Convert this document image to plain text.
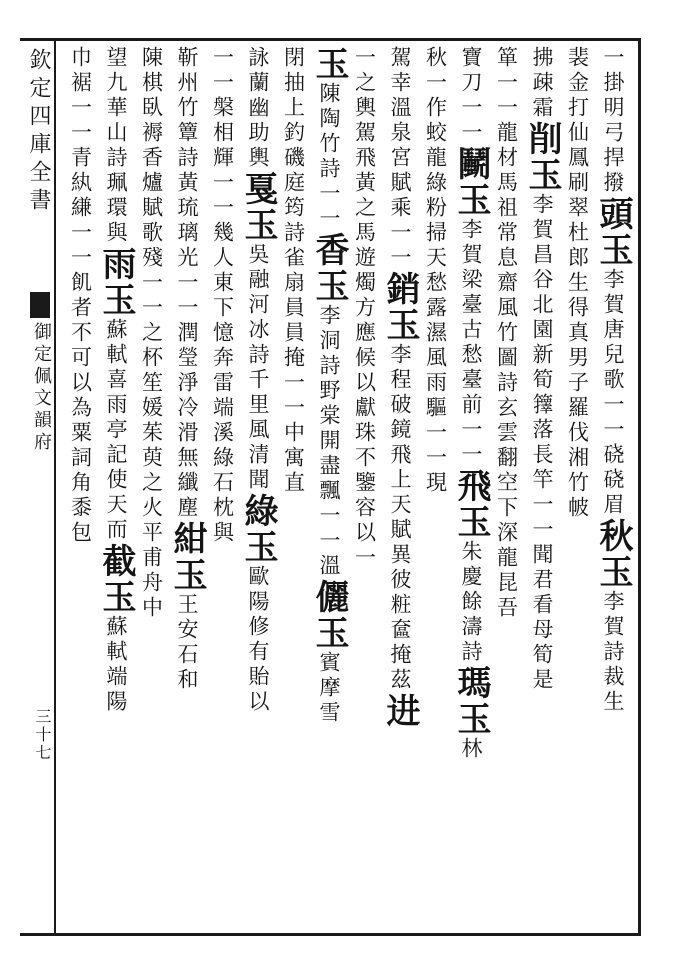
欽定四庫全書
御定佩文韻府
三十七
一掛明弓捍撥頭玉李賀唐兒歌一一硗硗眉秋玉李賀詩裁生
裴金打仙鳳刷翠杜郎生得真男子羅伐湘竹帔
拂疎霜削玉李賀昌谷北園新筍籜落長竿一一聞君看母筍是
箪一一龍材馬祖常息齋風竹圖詩玄雲翻空下深龍昆吾
寶刀一一鬭玉李賀梁臺古愁臺前一一飛玉朱慶餘濤詩瑪玉林
秋一作蛟龍綠粉掃天愁露濕風雨驅一一現
駕幸溫泉宮賦乘一一銷玉李程破鏡飛上天賦異彼粧奩掩茲进
一之輿駕飛黃之馬遊燭方應候以獻珠不鑒容以一
玉陳陶竹詩一一香玉李洞詩野棠開盡飄一一溫儷玉賓摩雪
閉抽上釣磯庭筠詩雀扇員員掩一一中寓直
詠蘭幽助輿戛玉吳融河冰詩千里風清聞綠玉歐陽修有貽以
一一槃相輝一一幾人東下憶奔雷端溪綠石枕與
靳州竹簟詩黃琉璃光一一潤瑩淨冷滑無纖塵紺玉王安石和
陳棋臥褥香爐賦歌殘一一之杯笙媛茱萸之火平甫舟中
望九華山詩珮環與雨玉蘇軾喜雨亭記使天而截玉蘇軾端陽
巾裾一一青紈縑一一飢者不可以為粟詞角黍包
